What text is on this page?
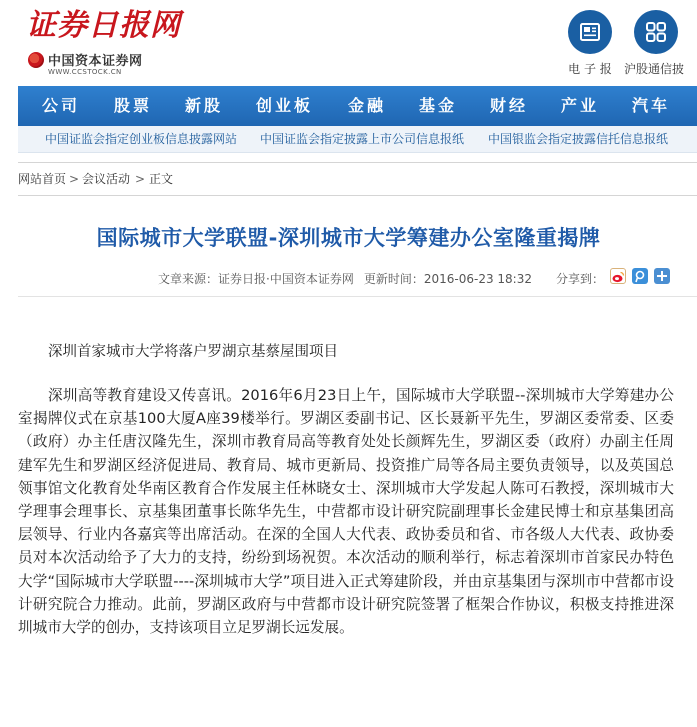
证券日报网
中国资本证券网
WWW.CCSTOCK.CN	电 子 报 沪股通信披
公司 股票 新股 创业板 金融 基金 财经 产业 汽车
中国证监会指定创业板信息披露网站 中国证监会指定披露上市公司信息报纸 中国银监会指定披露信托信息报纸
网站首页 > 会议活动 > 正文
国际城市大学联盟-深圳城市大学筹建办公室隆重揭牌
文章来源：证券日报·中国资本证券网 更新时间：2016-06-23 18:32 分享到：
深圳首家城市大学将落户罗湖京基蔡屋围项目
深圳高等教育建设又传喜讯。2016年6月23日上午，国际城市大学联盟--深圳城市大学筹建办公室揭牌仪式在京基100大厦A座39楼举行。罗湖区委副书记、区长聂新平先生，罗湖区委常委、区委（政府）办主任唐汉隆先生，深圳市教育局高等教育处处长颜辉先生，罗湖区委（政府）办副主任周建军先生和罗湖区经济促进局、教育局、城市更新局、投资推广局等各局主要负责领导，以及英国总领事馆文化教育处华南区教育合作发展主任林晓女士、深圳城市大学发起人陈可石教授，深圳城市大学理事会理事长、京基集团董事长陈华先生，中营都市设计研究院副理事长金建民博士和京基集团高层领导、行业内各嘉宾等出席活动。在深的全国人大代表、政协委员和省、市各级人大代表、政协委员对本次活动给予了大力的支持，纷纷到场祝贺。本次活动的顺利举行，标志着深圳市首家民办特色大学“国际城市大学联盟----深圳城市大学”项目进入正式筹建阶段，并由京基集团与深圳市中营都市设计研究院合力推动。此前，罗湖区政府与中营都市设计研究院签署了框架合作协议，积极支持推进深圳城市大学的创办，支持该项目立足罗湖长远发展。
